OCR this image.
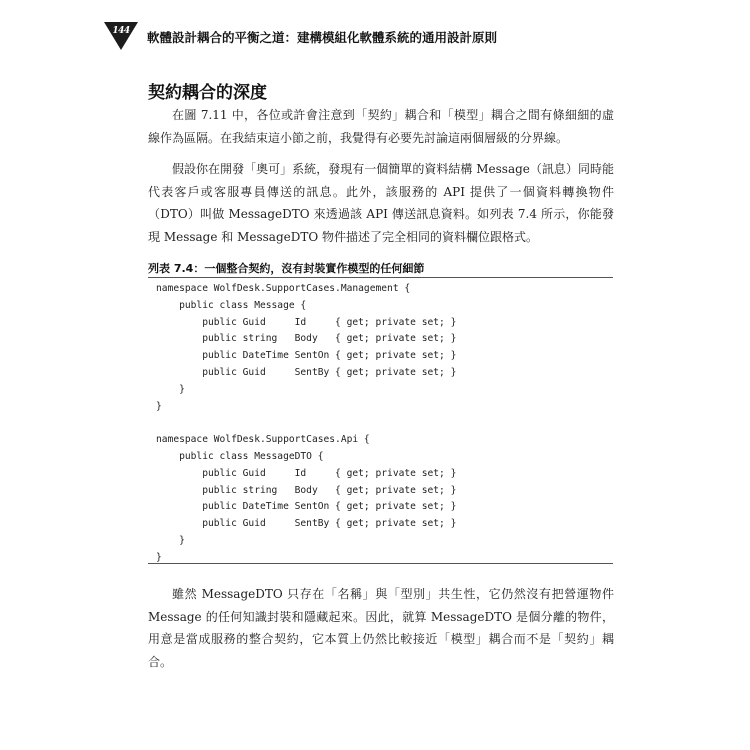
144	軟體設計耦合的平衡之道：建構模組化軟體系統的通用設計原則
契約耦合的深度

在圖 7.11 中，各位或許會注意到「契約」耦合和「模型」耦合之間有條細細的虛線作為區隔。在我結束這小節之前，我覺得有必要先討論這兩個層級的分界線。

假設你在開發「奧可」系統，發現有一個簡單的資料結構 Message（訊息）同時能代表客戶或客服專員傳送的訊息。此外，該服務的 API 提供了一個資料轉換物件（DTO）叫做 MessageDTO 來透過該 API 傳送訊息資料。如列表 7.4 所示，你能發現 Message 和 MessageDTO 物件描述了完全相同的資料欄位跟格式。

列表 7.4：一個整合契約，沒有封裝實作模型的任何細節
namespace WolfDesk.SupportCases.Management {
public class Message {
public Guid     Id     { get; private set; }
public string   Body   { get; private set; }
public DateTime SentOn { get; private set; }
public Guid     SentBy { get; private set; }
}
}
namespace WolfDesk.SupportCases.Api {
public class MessageDTO {
public Guid     Id     { get; private set; }
public string   Body   { get; private set; }
public DateTime SentOn { get; private set; }
public Guid     SentBy { get; private set; }
}
}

雖然 MessageDTO 只存在「名稱」與「型別」共生性，它仍然沒有把營運物件 Message 的任何知識封裝和隱藏起來。因此，就算 MessageDTO 是個分離的物件，用意是當成服務的整合契約，它本質上仍然比較接近「模型」耦合而不是「契約」耦合。
